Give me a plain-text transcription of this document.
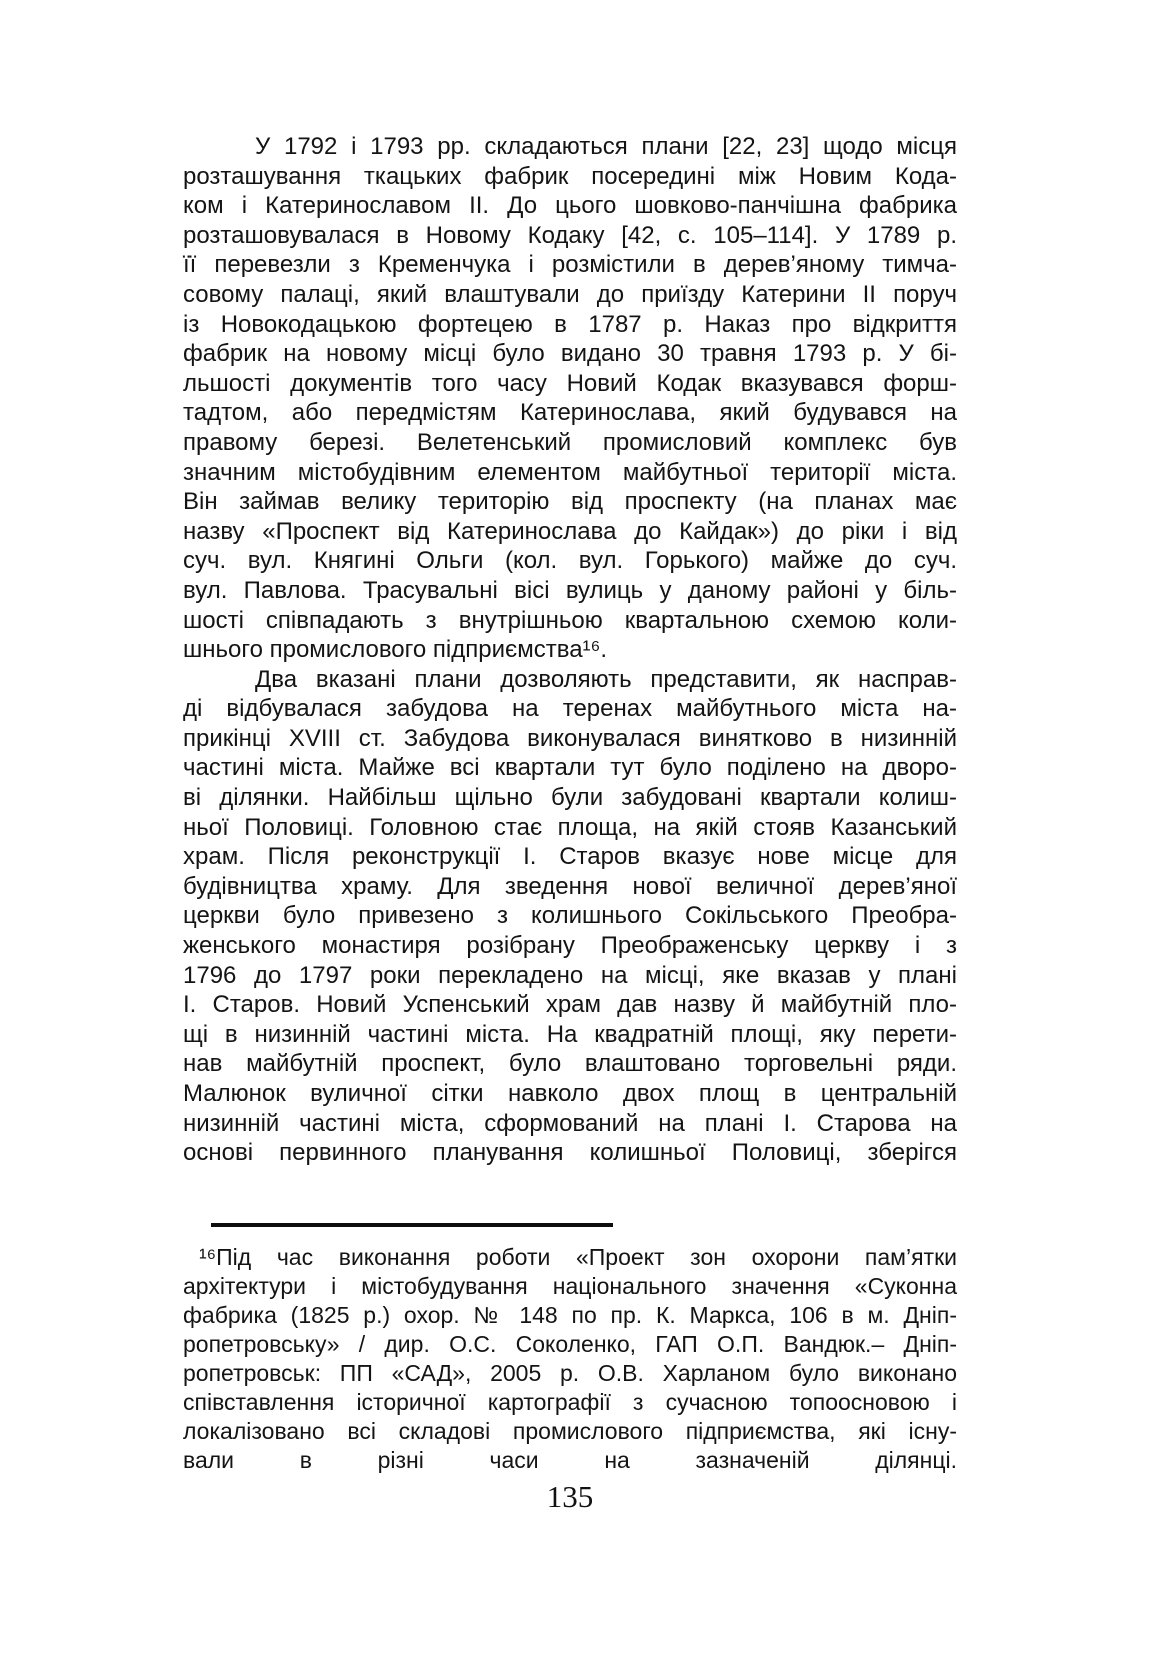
У 1792 і 1793 рр. складаються плани [22, 23] щодо місця
розташування ткацьких фабрик посередині між Новим Кода-
ком і Катеринославом ІІ. До цього шовково-панчішна фабрика
розташовувалася в Новому Кодаку [42, с. 105–114]. У 1789 р.
її перевезли з Кременчука і розмістили в дерев’яному тимча-
совому палаці, який влаштували до приїзду Катерини ІІ поруч
із Новокодацькою фортецею в 1787 р. Наказ про відкриття
фабрик на новому місці було видано 30 травня 1793 р. У бі-
льшості документів того часу Новий Кодак вказувався форш-
тадтом, або передмістям Катеринослава, який будувався на
правому березі. Велетенський промисловий комплекс був
значним містобудівним елементом майбутньої території міста.
Він займав велику територію від проспекту (на планах має
назву «Проспект від Катеринослава до Кайдак») до ріки і від
суч. вул. Княгині Ольги (кол. вул. Горького) майже до суч.
вул. Павлова. Трасувальні вісі вулиць у даному районі у біль-
шості співпадають з внутрішньою квартальною схемою коли-
шнього промислового підприємства¹⁶.
Два вказані плани дозволяють представити, як насправ-
ді відбувалася забудова на теренах майбутнього міста на-
прикінці XVIII ст. Забудова виконувалася винятково в низинній
частині міста. Майже всі квартали тут було поділено на дворо-
ві ділянки. Найбільш щільно були забудовані квартали колиш-
ньої Половиці. Головною стає площа, на якій стояв Казанський
храм. Після реконструкції І. Старов вказує нове місце для
будівництва храму. Для зведення нової величної дерев’яної
церкви було привезено з колишнього Сокільського Преобра-
женського монастиря розібрану Преображенську церкву і з
1796 до 1797 роки перекладено на місці, яке вказав у плані
І. Старов. Новий Успенський храм дав назву й майбутній пло-
щі в низинній частині міста. На квадратній площі, яку перети-
нав майбутній проспект, було влаштовано торговельні ряди.
Малюнок вуличної сітки навколо двох площ в центральній
низинній частині міста, сформований на плані І. Старова на
основі первинного планування колишньої Половиці, зберігся
¹⁶Під час виконання роботи «Проект зон охорони пам’ятки
архітектури і містобудування національного значення «Суконна
фабрика (1825 р.) охор. № 148 по пр. К. Маркса, 106 в м. Дніп-
ропетровську» / дир. О.С. Соколенко, ГАП О.П. Вандюк.– Дніп-
ропетровськ: ПП «САД», 2005 р. О.В. Харланом було виконано
співставлення історичної картографії з сучасною топоосновою і
локалізовано всі складові промислового підприємства, які існу-
вали в різні часи на зазначеній ділянці.
135
